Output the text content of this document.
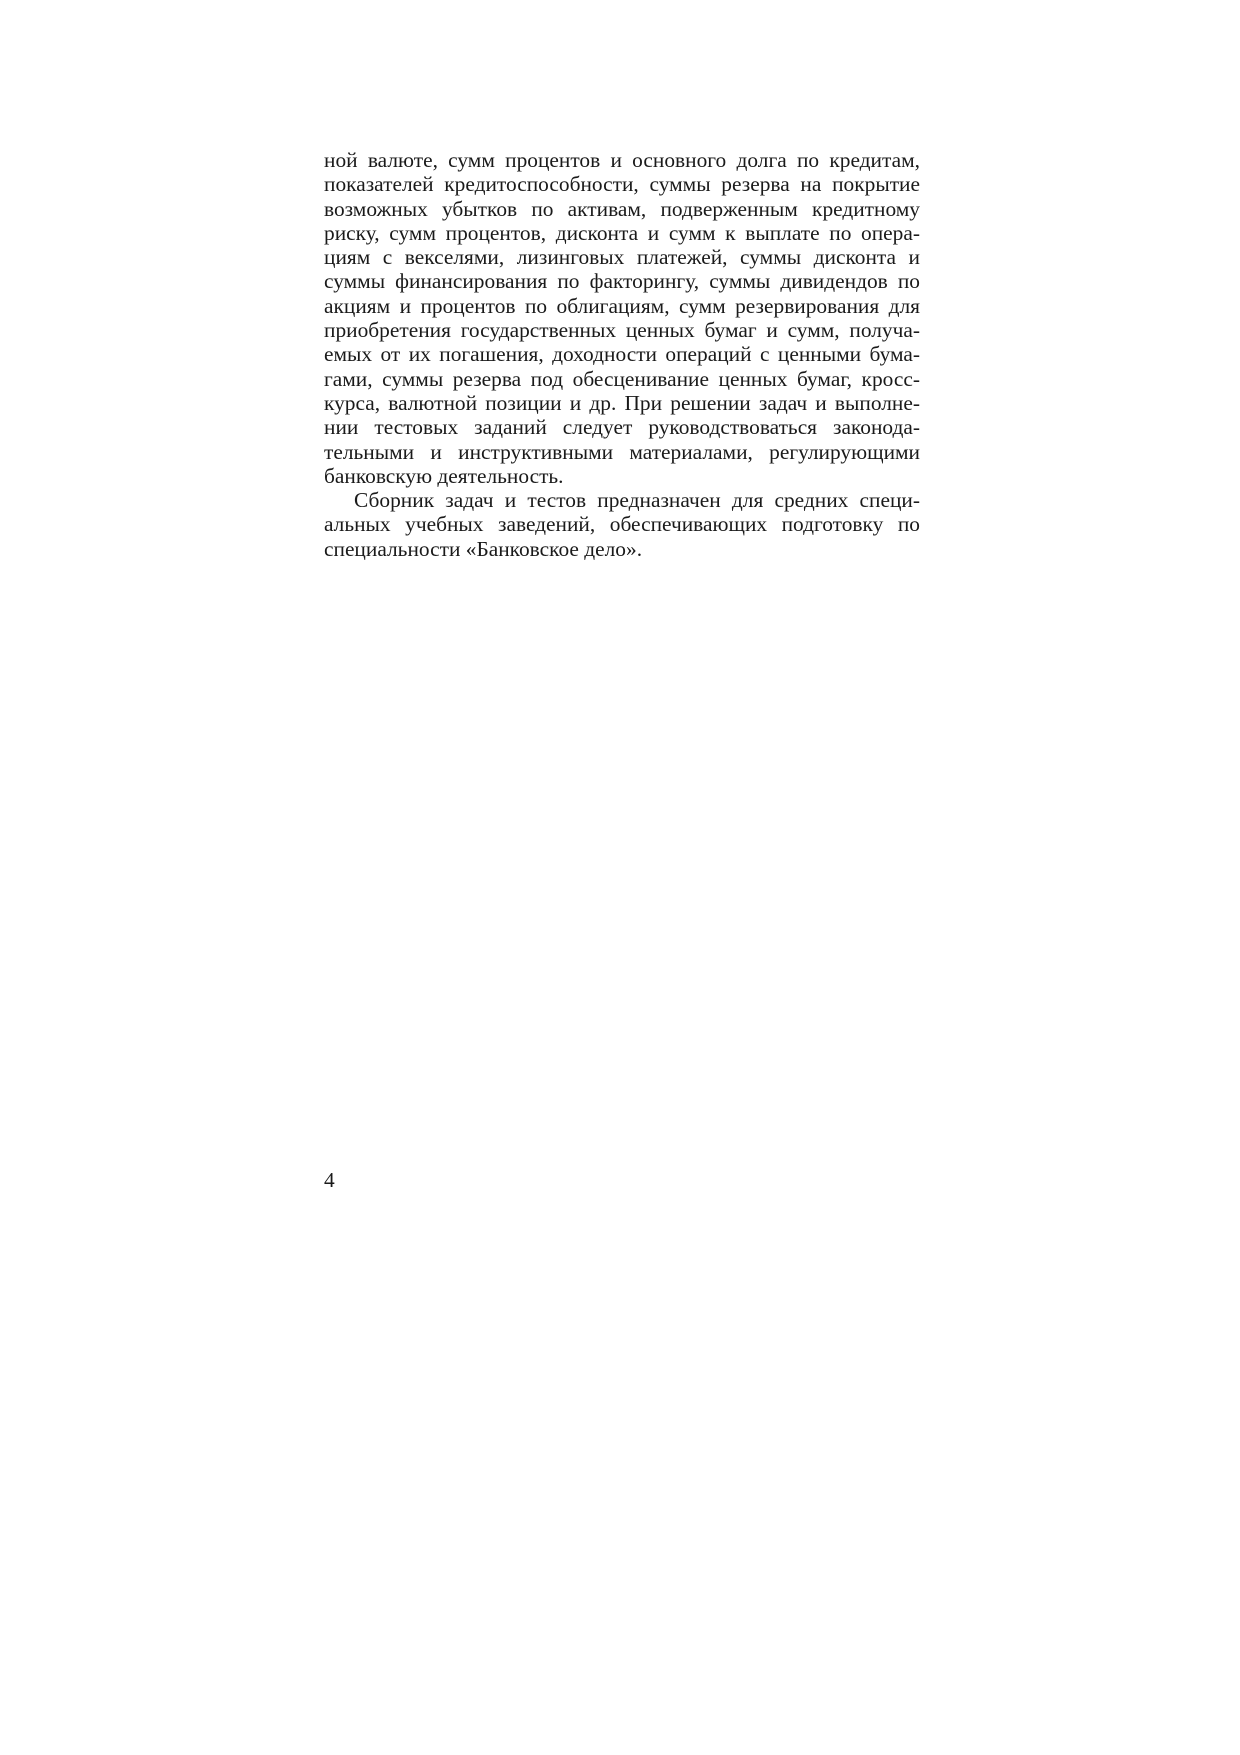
ной валюте, сумм процентов и основного долга по кредитам,
показателей кредитоспособности, суммы резерва на покрытие
возможных убытков по активам, подверженным кредитному
риску, сумм процентов, дисконта и сумм к выплате по опера-
циям с векселями, лизинговых платежей, суммы дисконта и
суммы финансирования по факторингу, суммы дивидендов по
акциям и процентов по облигациям, сумм резервирования для
приобретения государственных ценных бумаг и сумм, получа-
емых от их погашения, доходности операций с ценными бума-
гами, суммы резерва под обесценивание ценных бумаг, кросс-
курса, валютной позиции и др. При решении задач и выполне-
нии тестовых заданий следует руководствоваться законода-
тельными и инструктивными материалами, регулирующими
банковскую деятельность.
Сборник задач и тестов предназначен для средних специ-
альных учебных заведений, обеспечивающих подготовку по
специальности «Банковское дело».
4
